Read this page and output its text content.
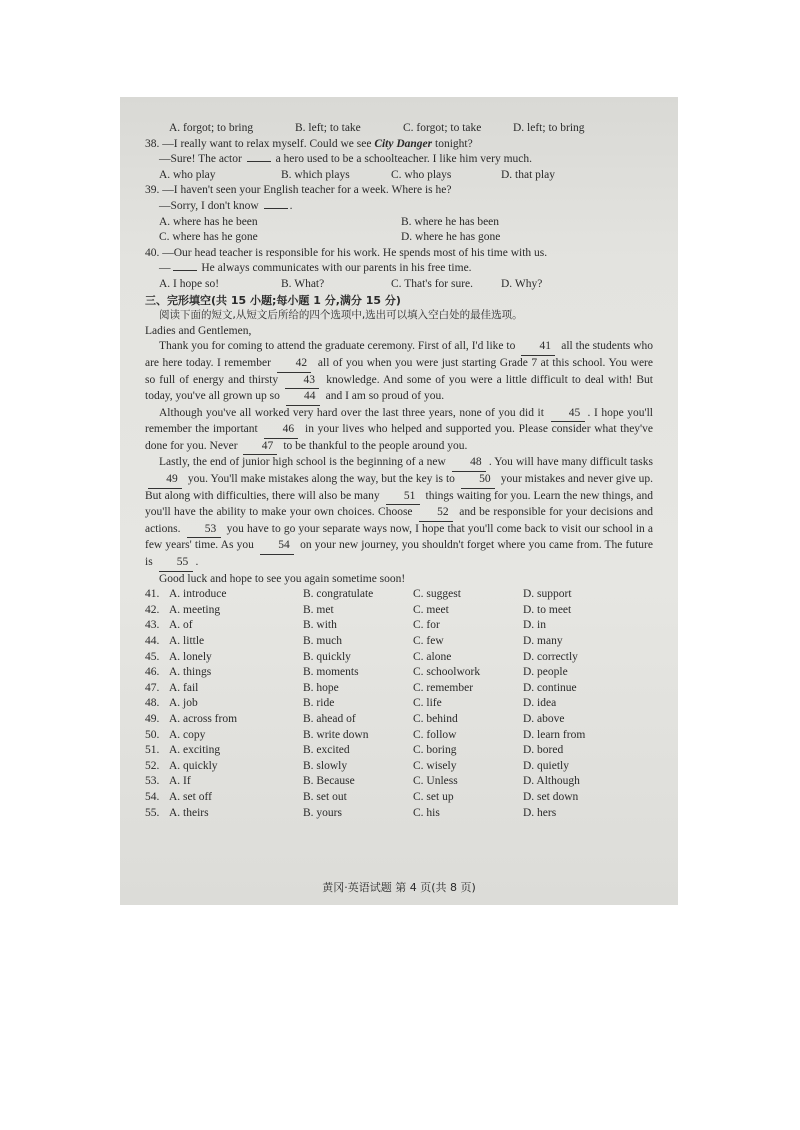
A. forgot; to bring	B. left; to take	C. forgot; to take	D. left; to bring
38. —I really want to relax myself. Could we see City Danger tonight?
—Sure! The actor  a hero used to be a schoolteacher. I like him very much.
A. who play	B. which plays	C. who plays	D. that play
39. —I haven't seen your English teacher for a week. Where is he?
—Sorry, I don't know .
A. where has he been	B. where he has been
C. where has he gone	D. where he has gone
40. —Our head teacher is responsible for his work. He spends most of his time with us.
— He always communicates with our parents in his free time.
A. I hope so!	B. What?	C. That's for sure. D. Why?
三、完形填空(共 15 小题;每小题 1 分,满分 15 分)
阅读下面的短文,从短文后所给的四个选项中,选出可以填入空白处的最佳选项。
Ladies and Gentlemen,
Thank you for coming to attend the graduate ceremony. First of all, I'd like to 41 all the students who are here today. I remember 42 all of you when you were just starting Grade 7 at this school. You were so full of energy and thirsty 43 knowledge. And some of you were a little difficult to deal with! But today, you've all grown up so 44 and I am so proud of you.
Although you've all worked very hard over the last three years, none of you did it 45 . I hope you'll remember the important 46 in your lives who helped and supported you. Please consider what they've done for you. Never 47 to be thankful to the people around you.
Lastly, the end of junior high school is the beginning of a new 48 . You will have many difficult tasks 49 you. You'll make mistakes along the way, but the key is to 50 your mistakes and never give up. But along with difficulties, there will also be many 51 things waiting for you. Learn the new things, and you'll have the ability to make your own choices. Choose 52 and be responsible for your decisions and actions. 53 you have to go your separate ways now, I hope that you'll come back to visit our school in a few years' time. As you 54 on your new journey, you shouldn't forget where you came from. The future is 55 .
Good luck and hope to see you again sometime soon!
41. A. introduce	B. congratulate	C. suggest	D. support
42. A. meeting	B. met	C. meet	D. to meet
43. A. of	B. with	C. for	D. in
44. A. little	B. much	C. few	D. many
45. A. lonely	B. quickly	C. alone	D. correctly
46. A. things	B. moments	C. schoolwork	D. people
47. A. fail	B. hope	C. remember	D. continue
48. A. job	B. ride	C. life	D. idea
49. A. across from	B. ahead of	C. behind	D. above
50. A. copy	B. write down	C. follow	D. learn from
51. A. exciting	B. excited	C. boring	D. bored
52. A. quickly	B. slowly	C. wisely	D. quietly
53. A. If	B. Because	C. Unless	D. Although
54. A. set off	B. set out	C. set up	D. set down
55. A. theirs	B. yours	C. his	D. hers
黄冈·英语试题 第 4 页(共 8 页)
